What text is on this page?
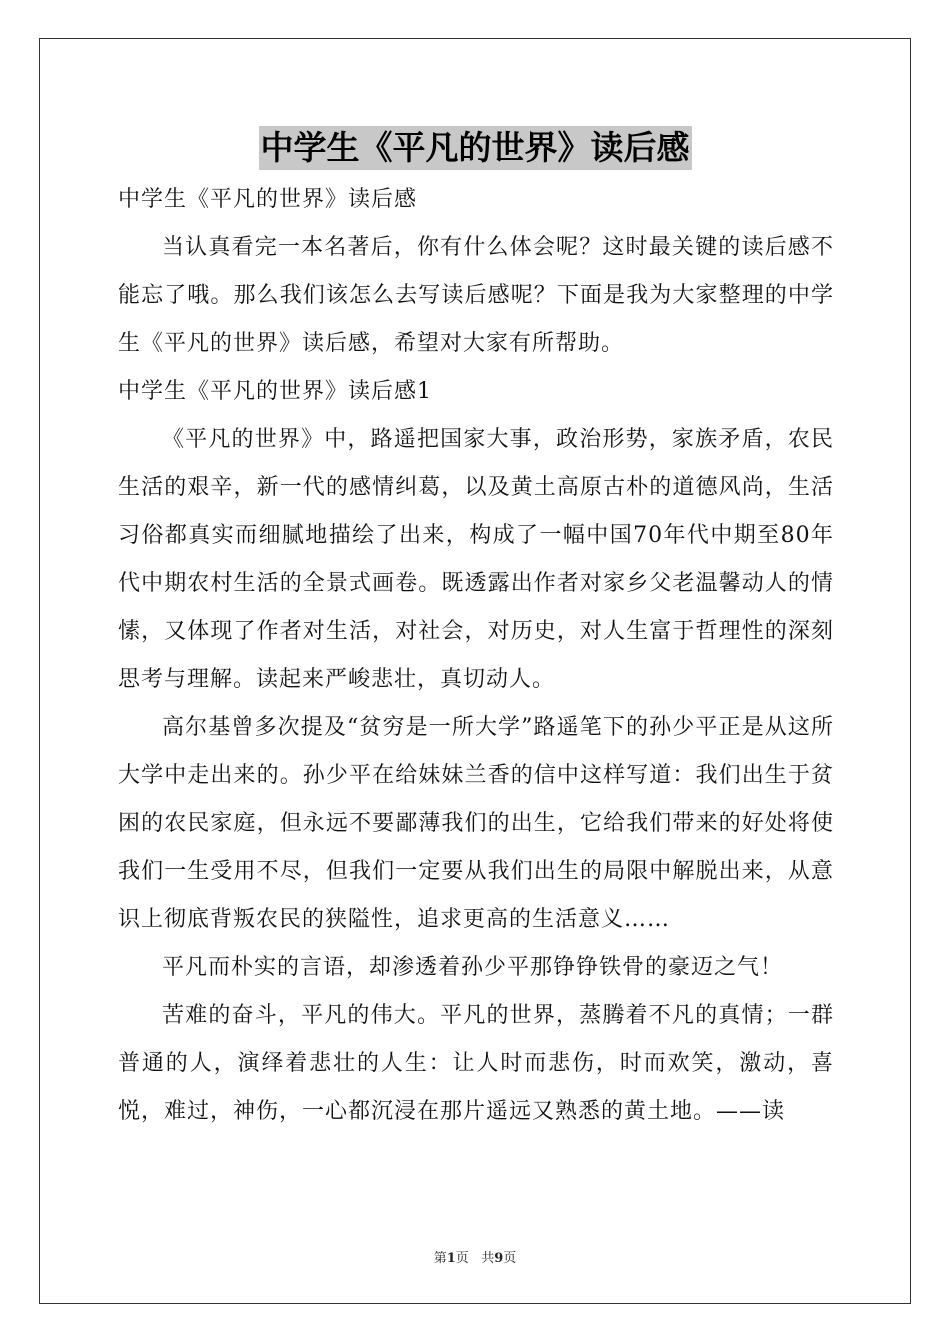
中学生《平凡的世界》读后感

中学生《平凡的世界》读后感

当认真看完一本名著后，你有什么体会呢？这时最关键的读后感不能忘了哦。那么我们该怎么去写读后感呢？下面是我为大家整理的中学生《平凡的世界》读后感，希望对大家有所帮助。

中学生《平凡的世界》读后感1

《平凡的世界》中，路遥把国家大事，政治形势，家族矛盾，农民生活的艰辛，新一代的感情纠葛，以及黄土高原古朴的道德风尚，生活习俗都真实而细腻地描绘了出来，构成了一幅中国70年代中期至80年代中期农村生活的全景式画卷。既透露出作者对家乡父老温馨动人的情愫，又体现了作者对生活，对社会，对历史，对人生富于哲理性的深刻思考与理解。读起来严峻悲壮，真切动人。

高尔基曾多次提及“贫穷是一所大学”路遥笔下的孙少平正是从这所大学中走出来的。孙少平在给妹妹兰香的信中这样写道：我们出生于贫困的农民家庭，但永远不要鄙薄我们的出生，它给我们带来的好处将使我们一生受用不尽，但我们一定要从我们出生的局限中解脱出来，从意识上彻底背叛农民的狭隘性，追求更高的生活意义……

平凡而朴实的言语，却渗透着孙少平那铮铮铁骨的豪迈之气！

苦难的奋斗，平凡的伟大。平凡的世界，蒸腾着不凡的真情；一群普通的人，演绎着悲壮的人生：让人时而悲伤，时而欢笑，激动，喜悦，难过，神伤，一心都沉浸在那片遥远又熟悉的黄土地。——读

第1页 共9页
